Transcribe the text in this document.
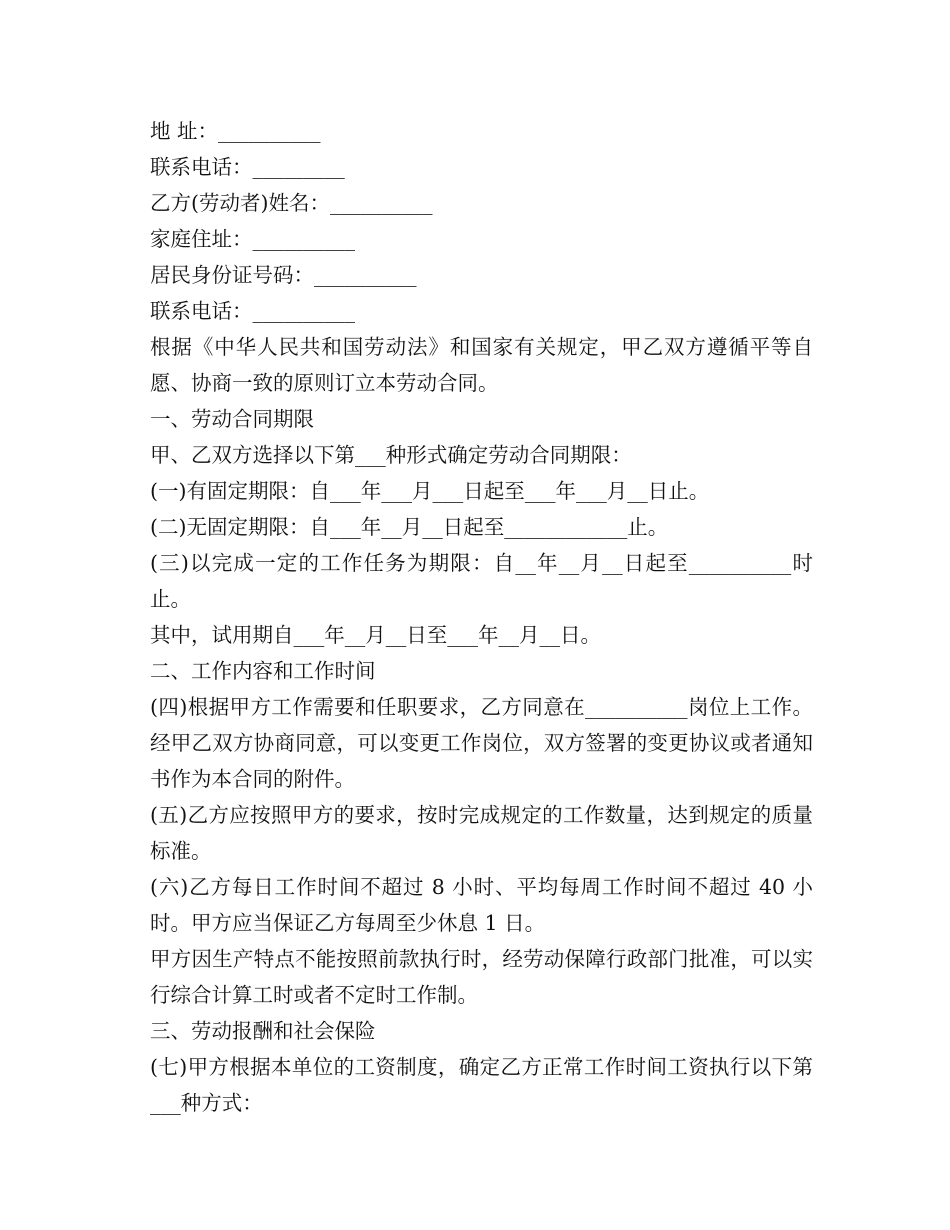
地 址：__________

联系电话：_________

乙方(劳动者)姓名：__________

家庭住址：__________

居民身份证号码：__________

联系电话：__________

根据《中华人民共和国劳动法》和国家有关规定，甲乙双方遵循平等自愿、协商一致的原则订立本劳动合同。

一、劳动合同期限

甲、乙双方选择以下第___种形式确定劳动合同期限：

(一)有固定期限：自___年___月___日起至___年___月__日止。

(二)无固定期限：自___年__月__日起至____________止。

(三)以完成一定的工作任务为期限：自__年__月__日起至__________时止。

其中，试用期自___年__月__日至___年__月__日。

二、工作内容和工作时间

(四)根据甲方工作需要和任职要求，乙方同意在__________岗位上工作。经甲乙双方协商同意，可以变更工作岗位，双方签署的变更协议或者通知书作为本合同的附件。

(五)乙方应按照甲方的要求，按时完成规定的工作数量，达到规定的质量标准。

(六)乙方每日工作时间不超过 8 小时、平均每周工作时间不超过 40 小时。甲方应当保证乙方每周至少休息 1 日。

甲方因生产特点不能按照前款执行时，经劳动保障行政部门批准，可以实行综合计算工时或者不定时工作制。

三、劳动报酬和社会保险

(七)甲方根据本单位的工资制度，确定乙方正常工作时间工资执行以下第___种方式：
